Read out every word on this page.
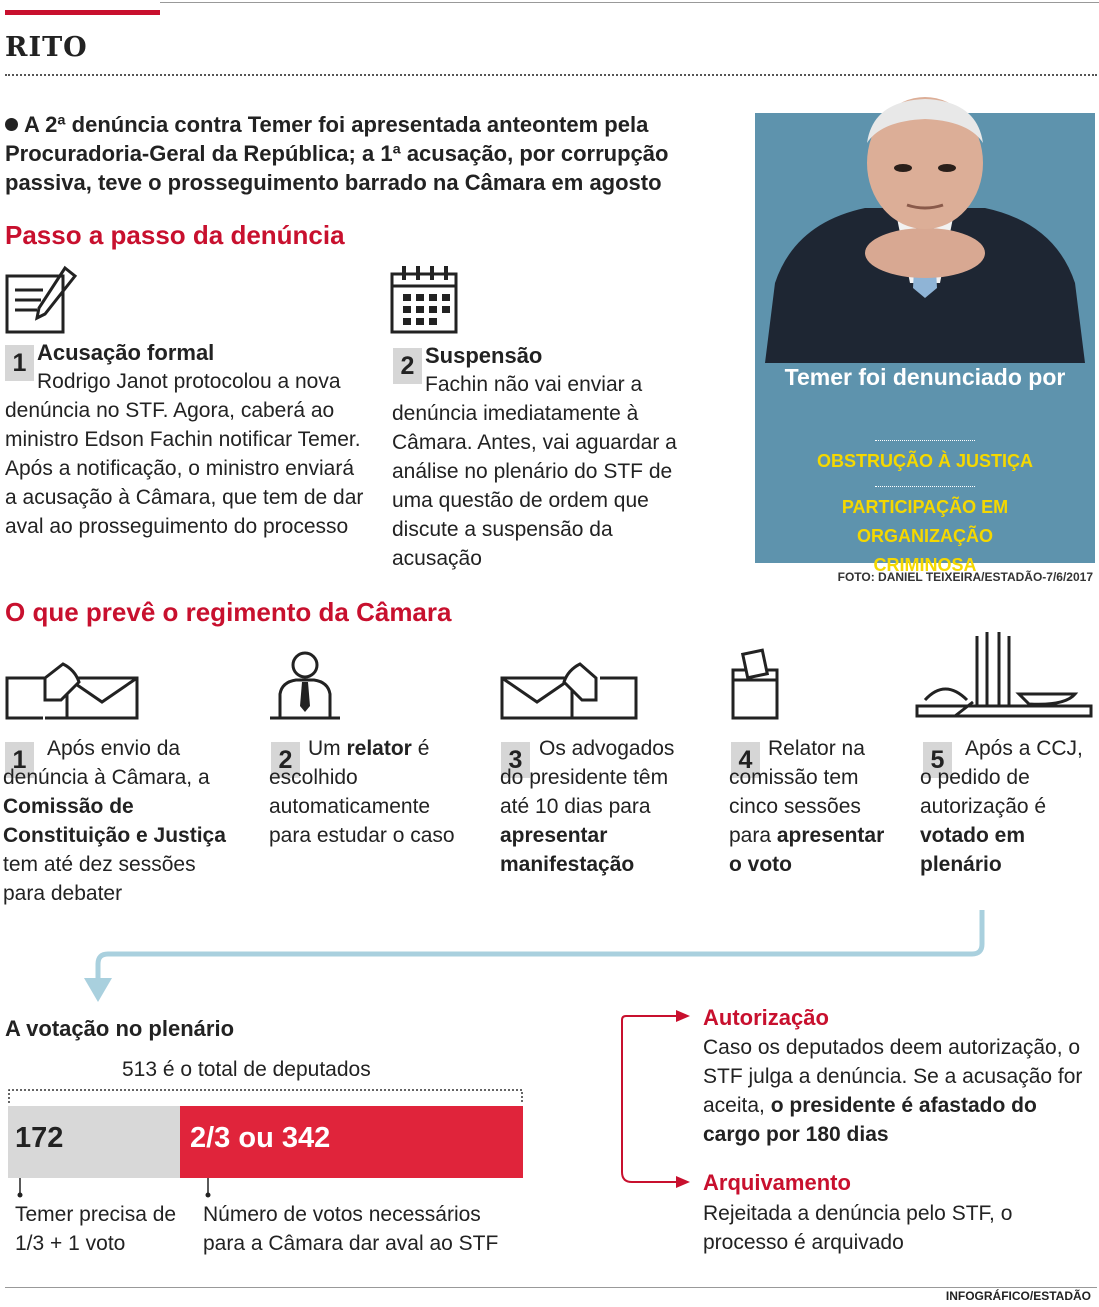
RITO
A 2ª denúncia contra Temer foi apresentada anteontem pela Procuradoria-Geral da República; a 1ª acusação, por corrupção passiva, teve o prosseguimento barrado na Câmara em agosto
Passo a passo da denúncia
1 Acusação formal
Rodrigo Janot protocolou a nova denúncia no STF. Agora, caberá ao ministro Edson Fachin notificar Temer. Após a notificação, o ministro enviará a acusação à Câmara, que tem de dar aval ao prosseguimento do processo
2 Suspensão
Fachin não vai enviar a denúncia imediatamente à Câmara. Antes, vai aguardar a análise no plenário do STF de uma questão de ordem que discute a suspensão da acusação
Temer foi denunciado por
OBSTRUÇÃO À JUSTIÇA
PARTICIPAÇÃO EM ORGANIZAÇÃO CRIMINOSA
FOTO: DANIEL TEIXEIRA/ESTADÃO-7/6/2017
O que prevê o regimento da Câmara
1 Após envio da denúncia à Câmara, a Comissão de Constituição e Justiça tem até dez sessões para debater
2 Um relator é escolhido automaticamente para estudar o caso
3 Os advogados do presidente têm até 10 dias para apresentar manifestação
4 Relator na comissão tem cinco sessões para apresentar o voto
5 Após a CCJ, o pedido de autorização é votado em plenário
A votação no plenário
513 é o total de deputados
172	2/3 ou 342
Temer precisa de 1/3 + 1 voto
Número de votos necessários para a Câmara dar aval ao STF
Autorização
Caso os deputados deem autorização, o STF julga a denúncia. Se a acusação for aceita, o presidente é afastado do cargo por 180 dias
Arquivamento
Rejeitada a denúncia pelo STF, o processo é arquivado
INFOGRÁFICO/ESTADÃO
